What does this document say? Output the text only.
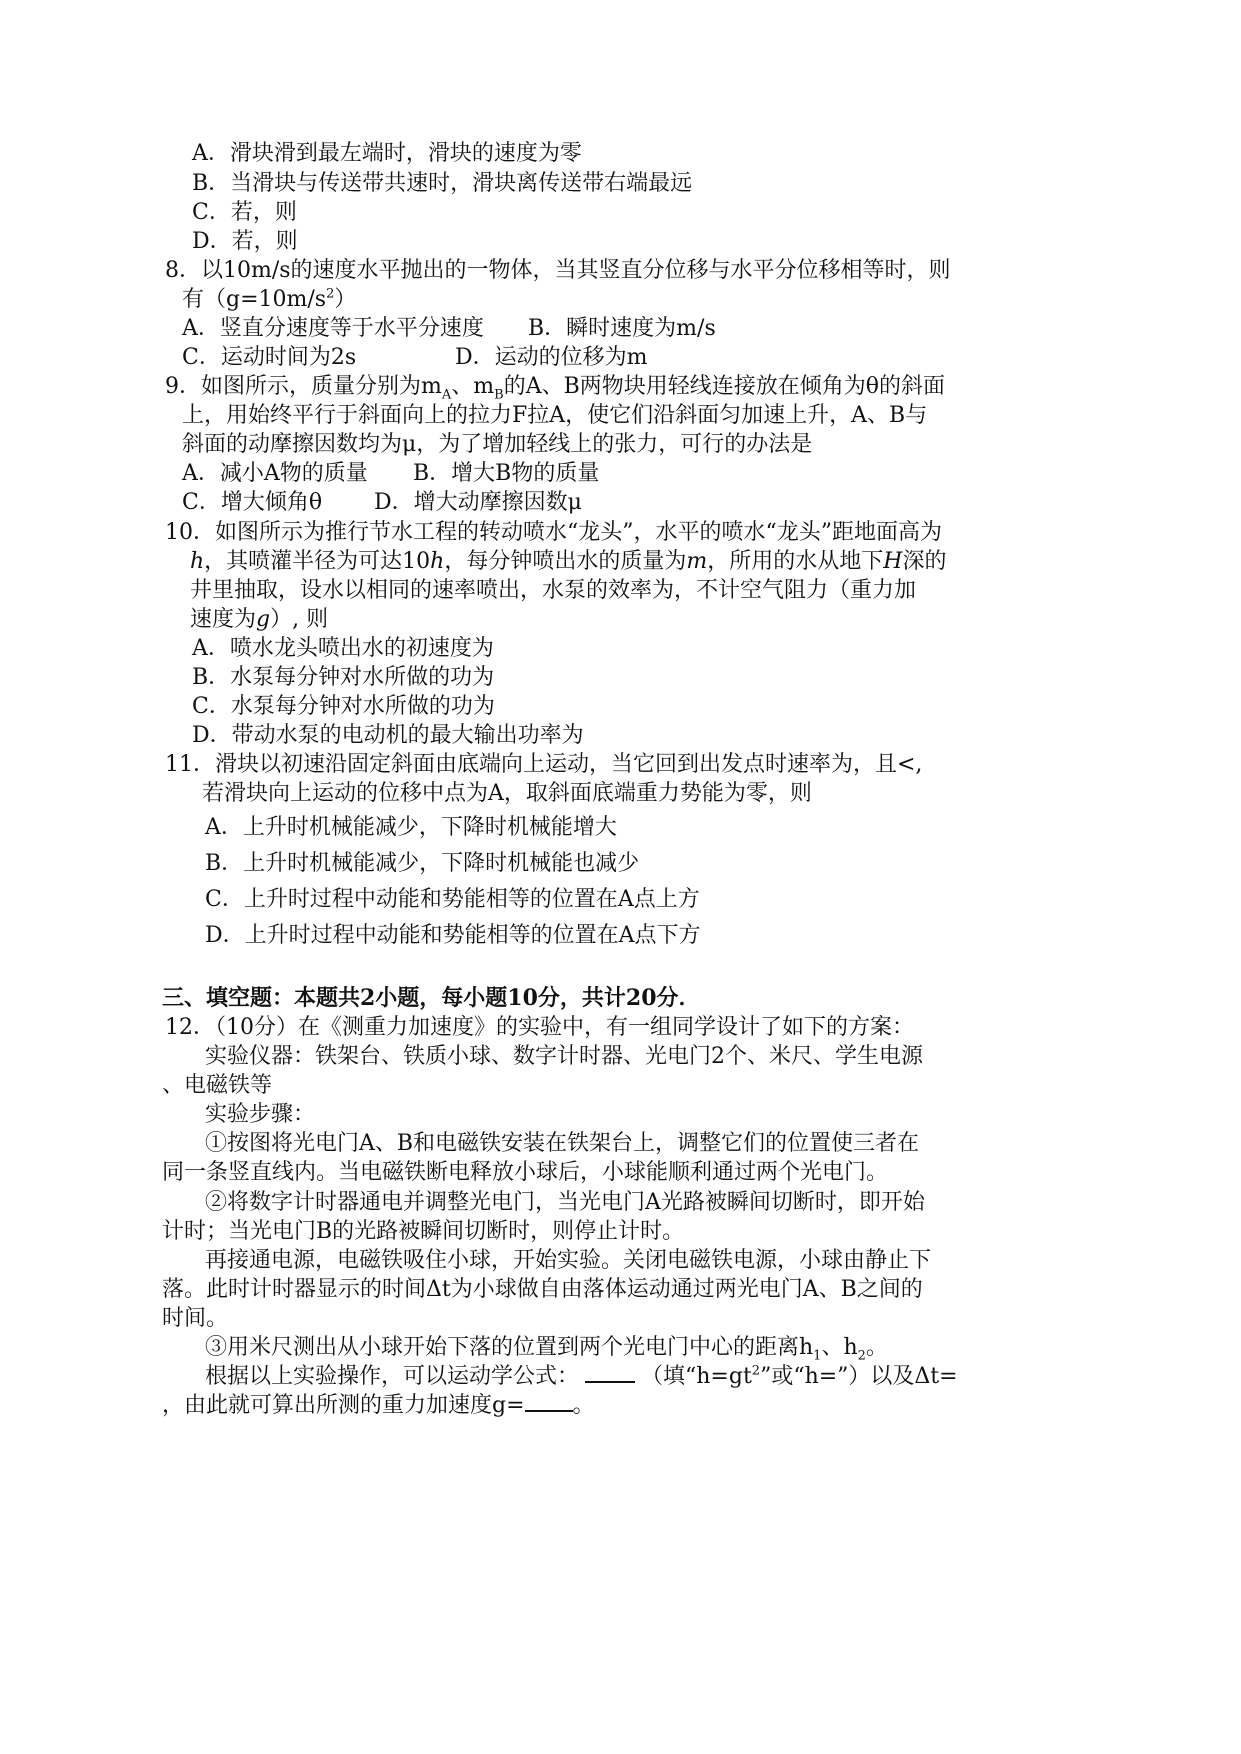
A．滑块滑到最左端时，滑块的速度为零
B．当滑块与传送带共速时，滑块离传送带右端最远
C．若，则
D．若，则
8．以10m/s的速度水平抛出的一物体，当其竖直分位移与水平分位移相等时，则
有$(g=10m/s^2)$
A．竖直分速度等于水平分速度 B．瞬时速度为m/s
C．运动时间为2s	D．运动的位移为m
9．如图所示，质量分别为$m_A$、$m_B$的A、B两物块用轻线连接放在倾角为θ的斜面
上，用始终平行于斜面向上的拉力F拉A，使它们沿斜面匀加速上升，A、B与
斜面的动摩擦因数均为μ，为了增加轻线上的张力，可行的办法是
A．减小A物的质量 B．增大B物的质量
C．增大倾角θ D．增大动摩擦因数μ
10．如图所示为推行节水工程的转动喷水“龙头”，水平的喷水“龙头”距地面高为
h，其喷灌半径为可达10h，每分钟喷出水的质量为m，所用的水从地下H深的
井里抽取，设水以相同的速率喷出，水泵的效率为，不计空气阻力（重力加
速度为g）, 则
A．喷水龙头喷出水的初速度为
B．水泵每分钟对水所做的功为
C．水泵每分钟对水所做的功为
D．带动水泵的电动机的最大输出功率为
11．滑块以初速沿固定斜面由底端向上运动，当它回到出发点时速率为，且<,
若滑块向上运动的位移中点为A，取斜面底端重力势能为零，则
A．上升时机械能减少，下降时机械能增大
B．上升时机械能减少，下降时机械能也减少
C．上升时过程中动能和势能相等的位置在A点上方
D．上升时过程中动能和势能相等的位置在A点下方
三、填空题：本题共2小题，每小题10分，共计20分．
12．（10分）在《测重力加速度》的实验中，有一组同学设计了如下的方案：
实验仪器：铁架台、铁质小球、数字计时器、光电门2个、米尺、学生电源
、电磁铁等
实验步骤：
①按图将光电门A、B和电磁铁安装在铁架台上，调整它们的位置使三者在
同一条竖直线内。当电磁铁断电释放小球后，小球能顺利通过两个光电门。
②将数字计时器通电并调整光电门，当光电门A光路被瞬间切断时，即开始
计时；当光电门B的光路被瞬间切断时，则停止计时。
再接通电源，电磁铁吸住小球，开始实验。关闭电磁铁电源，小球由静止下
落。此时计时器显示的时间Δt为小球做自由落体运动通过两光电门A、B之间的
时间。
③用米尺测出从小球开始下落的位置到两个光电门中心的距离$h_1$、$h_2$。
根据以上实验操作，可以运动学公式：	（填“$h=gt^2$”或“h=”）以及Δt=
，由此就可算出所测的重力加速度g= 。
